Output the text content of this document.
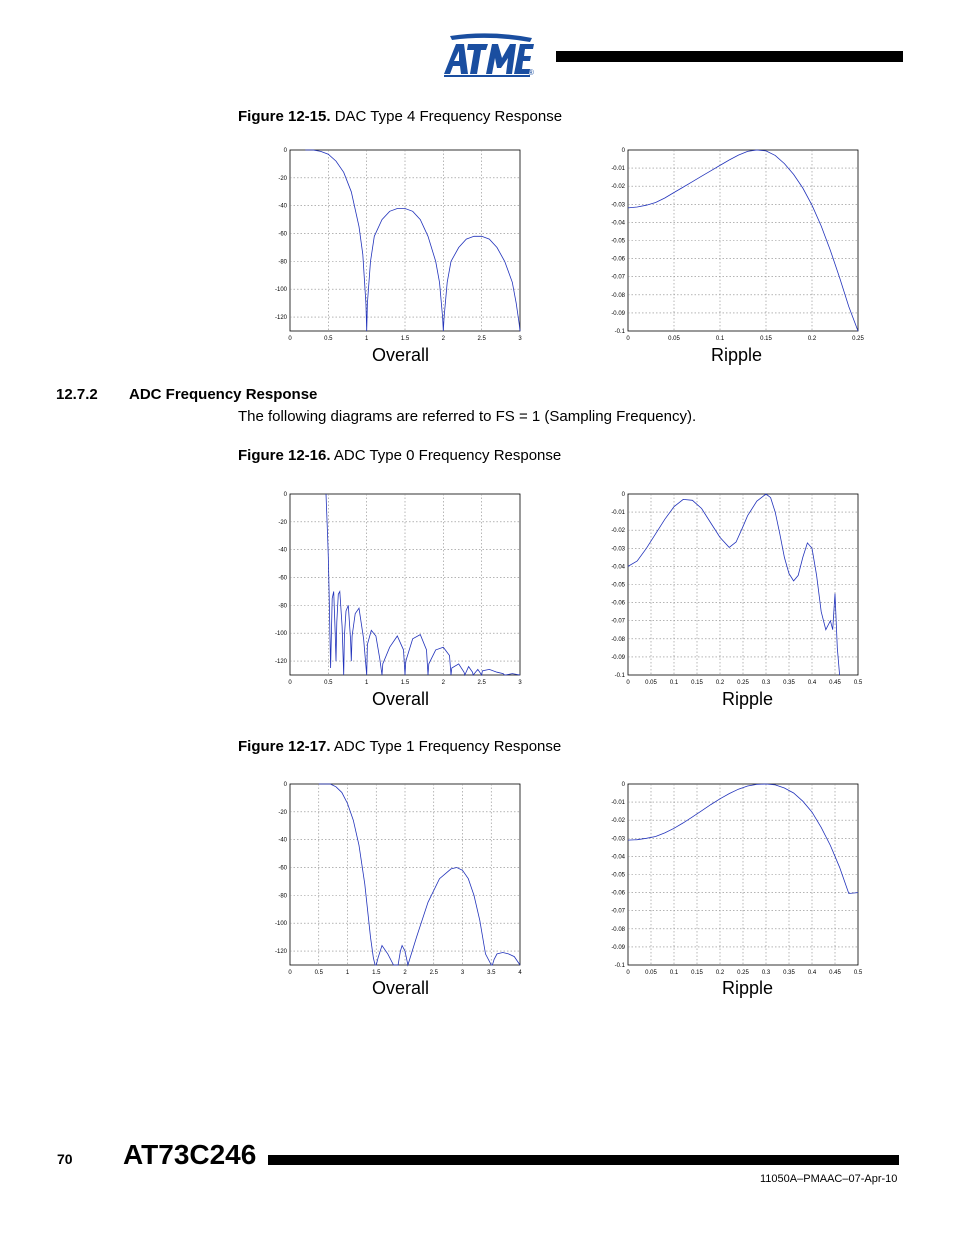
®
Figure 12-15. DAC Type 4 Frequency Response
0	0.5	1	1.5	2	2.5	3
0
-20
-40
-60
-80
-100
-120
0	0.05	0.1	0.15	0.2	0.25
0
-0.01
-0.02
-0.03
-0.04
-0.05
-0.06
-0.07
-0.08
-0.09
-0.1
Overall	Ripple
12.7.2 ADC Frequency Response
The following diagrams are referred to FS = 1 (Sampling Frequency).
Figure 12-16. ADC Type 0 Frequency Response
0	0.5	1	1.5	2	2.5	3
0
-20
-40
-60
-80
-100
-120
0	0.05 0.1 0.15 0.2 0.25 0.3 0.35 0.4 0.45 0.5
0
-0.01
-0.02
-0.03
-0.04
-0.05
-0.06
-0.07
-0.08
-0.09
-0.1
Overall	Ripple
Figure 12-17. ADC Type 1 Frequency Response
0	0.5	1	1.5	2	2.5	3	3.5	4
0
-20
-40
-60
-80
-100
-120
0	0.05 0.1 0.15 0.2 0.25 0.3 0.35 0.4 0.45 0.5
0
-0.01
-0.02
-0.03
-0.04
-0.05
-0.06
-0.07
-0.08
-0.09
-0.1
Overall	Ripple
70 AT73C246
11050A–PMAAC–07-Apr-10
